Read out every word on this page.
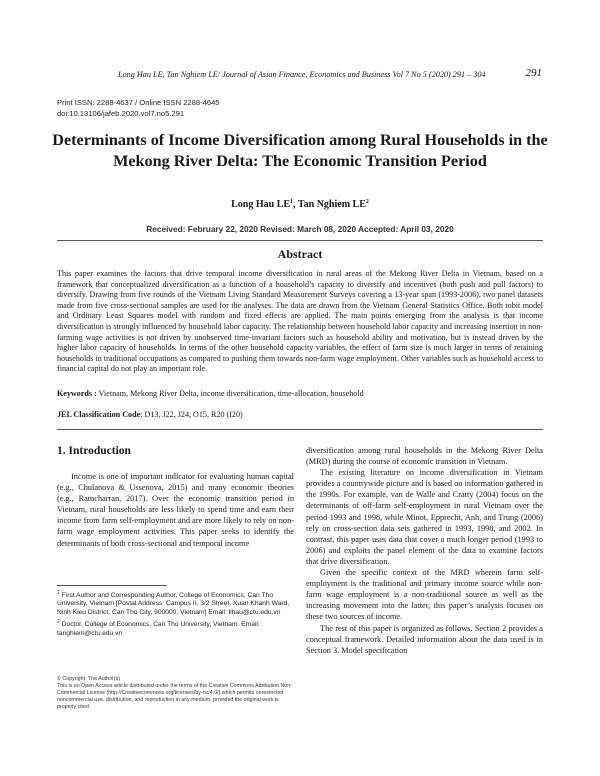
Long Hau LE, Tan Nghiem LE/ Journal of Asian Finance, Economics and Business Vol 7 No 5 (2020) 291 – 304	291
Print ISSN: 2288-4637 / Online ISSN 2288-4645
doi:10.13106/jafeb.2020.vol7.no5.291
Determinants of Income Diversification among Rural Households in the
Mekong River Delta: The Economic Transition Period
Long Hau $LE^1$, Tan Nghiem $LE^2$
Received: February 22, 2020 Revised: March 08, 2020 Accepted: April 03, 2020
Abstract
This paper examines the factors that drive temporal income diversification in rural areas of the Mekong River Delta in Vietnam, based on a framework that conceptualized diversification as a function of a household’s capacity to diversify and incentives (both push and pull factors) to diversify. Drawing from five rounds of the Vietnam Living Standard Measurement Surveys covering a 13-year span (1993-2006), two panel datasets made from five cross-sectional samples are used for the analyses. The data are drawn from the Vietnam General Statistics Office. Both tobit model and Ordinary Least Squares model with random and fixed effects are applied. The main points emerging from the analysis is that income diversification is strongly influenced by household labor capacity. The relationship between household labor capacity and increasing insertion in non-farming wage activities is not driven by unobserved time-invariant factors such as household ability and motivation, but is instead driven by the higher labor capacity of households. In terms of the other household capacity variables, the effect of farm size is much larger in terms of retaining households in traditional occupations as compared to pushing them towards non-farm wage employment. Other variables such as household access to financial capital do not play an important role.
Keywords : Vietnam, Mekong River Delta, income diversification, time-allocation, household
JEL Classification Code: D13, J22, J24, O15, R20 (I20)
1. Introduction

Income is one of important indicator for evaluating human capital (e.g., Chulanova & Ussenova, 2015) and many economic theories (e.g., Ramcharran, 2017). Over the economic transition period in Vietnam, rural households are less likely to spend time and earn their income from farm self-employment and are more likely to rely on non-farm wage employment activities. This paper seeks to identify the determinants of both cross-sectional and temporal income

diversification among rural households in the Mekong River Delta (MRD) during the course of economic transition in Vietnam.

The existing literature on income diversification in Vietnam provides a countrywide picture and is based on information gathered in the 1990s. For example, van de Walle and Cratty (2004) focus on the determinants of off-farm self-employment in rural Vietnam over the period 1993 and 1998, while Minot, Epprecht, Anh, and Trung (2006) rely on cross-section data sets gathered in 1993, 1998, and 2002. In contrast, this paper uses data that cover a much longer period (1993 to 2006) and exploits the panel element of the data to examine factors that drive diversification.

Given the specific context of the MRD wherein farm self-employment is the traditional and primary income source while non-farm wage employment is a non-traditional source as well as the increasing movement into the latter, this paper’s analysis focuses on these two sources of income.

The rest of this paper is organized as follows. Section 2 provides a conceptual framework. Detailed information about the data used is in Section 3. Model specification

$^1$ First Author and Corresponding Author, College of Economics, Can Tho University, Vietnam [Postal Address: Campus II, 3/2 Street, Xuan Khanh Ward, Ninh Kieu District, Can Tho City, 900000, Vietnam] Email: llhau@ctu.edu.vn
$^2$ Doctor, College of Economics, Can Tho University, Vietnam. Email: tanghiem@ctu.edu.vn
© Copyright: The Author(s)
This is an Open Access article distributed under the terms of the Creative Commons Attribution Non-Commercial License (http://Creativecommons.org/licenses/by-nc/4.0/) which permits unrestricted noncommercial use, distribution, and reproduction in any medium, provided the original work is properly cited.
